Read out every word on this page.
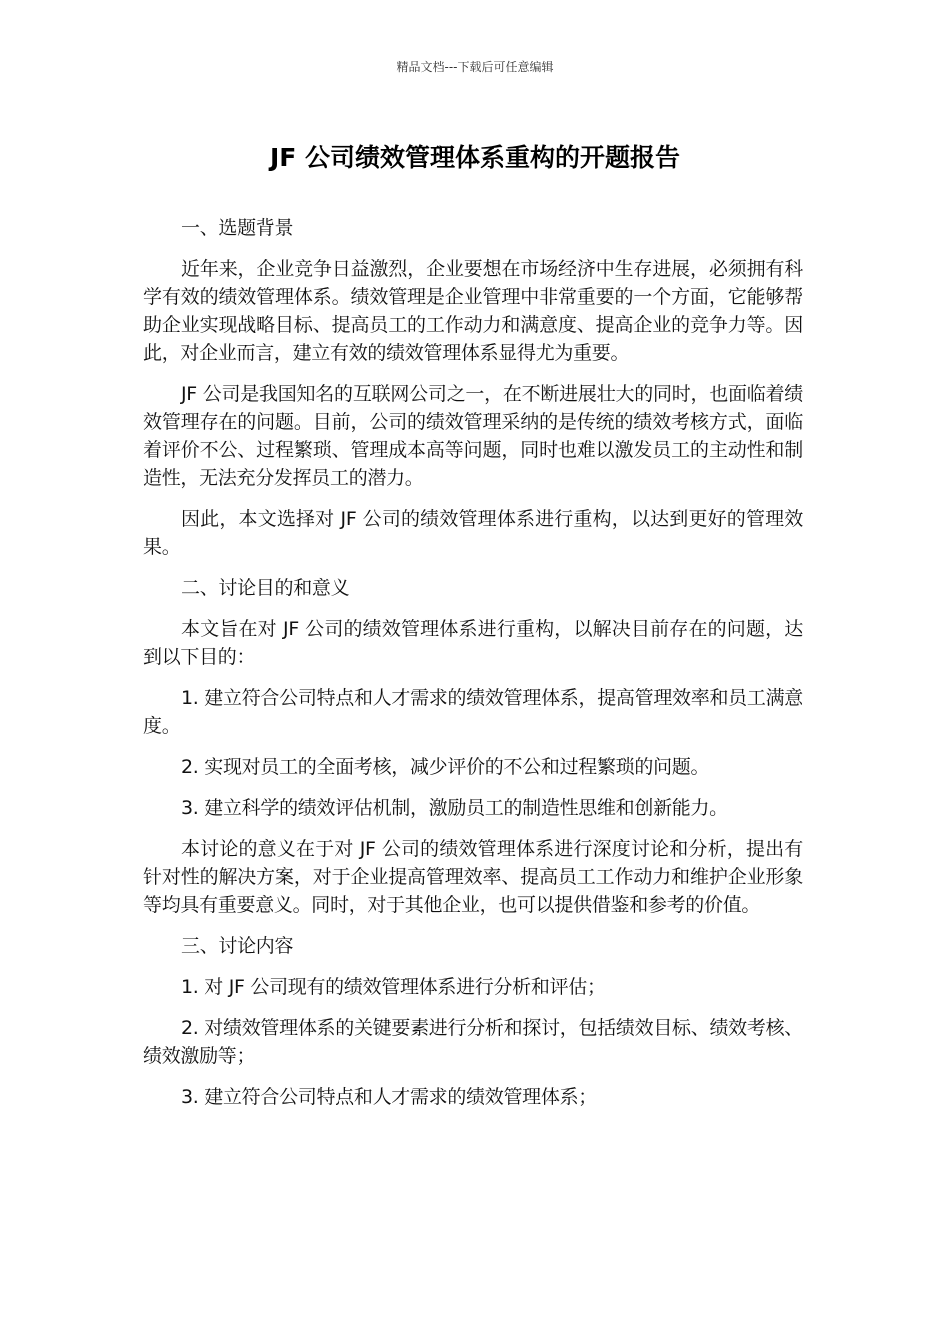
精品文档---下载后可任意编辑
JF 公司绩效管理体系重构的开题报告

一、选题背景

近年来，企业竞争日益激烈，企业要想在市场经济中生存进展，必须拥有科学有效的绩效管理体系。绩效管理是企业管理中非常重要的一个方面，它能够帮助企业实现战略目标、提高员工的工作动力和满意度、提高企业的竞争力等。因此，对企业而言，建立有效的绩效管理体系显得尤为重要。

JF 公司是我国知名的互联网公司之一，在不断进展壮大的同时，也面临着绩效管理存在的问题。目前，公司的绩效管理采纳的是传统的绩效考核方式，面临着评价不公、过程繁琐、管理成本高等问题，同时也难以激发员工的主动性和制造性，无法充分发挥员工的潜力。

因此，本文选择对 JF 公司的绩效管理体系进行重构，以达到更好的管理效果。

二、讨论目的和意义

本文旨在对 JF 公司的绩效管理体系进行重构，以解决目前存在的问题，达到以下目的：

1. 建立符合公司特点和人才需求的绩效管理体系，提高管理效率和员工满意度。

2. 实现对员工的全面考核，减少评价的不公和过程繁琐的问题。

3. 建立科学的绩效评估机制，激励员工的制造性思维和创新能力。

本讨论的意义在于对 JF 公司的绩效管理体系进行深度讨论和分析，提出有针对性的解决方案，对于企业提高管理效率、提高员工工作动力和维护企业形象等均具有重要意义。同时，对于其他企业，也可以提供借鉴和参考的价值。

三、讨论内容

1. 对 JF 公司现有的绩效管理体系进行分析和评估；

2. 对绩效管理体系的关键要素进行分析和探讨，包括绩效目标、绩效考核、绩效激励等；

3. 建立符合公司特点和人才需求的绩效管理体系；
